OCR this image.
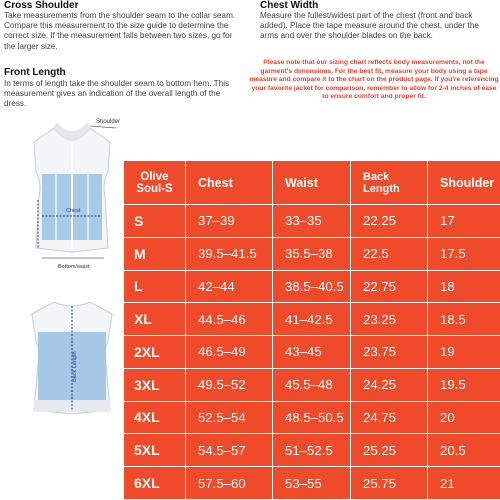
Cross Shoulder
Take measurements from the shoulder seam to the collar seam. Compare this measurement to the size guide to determine the correct size. If the measurement falls between two sizes, go for the larger size.
Front Length
In terms of length take the shoulder seam to bottom hem. This measurement gives an indication of the overall length of the dress.
Chest Width
Measure the fullest/widest part of the chest (front and back added). Place the tape measure around the chest, under the arms and over the shoulder blades on the back.
Please note that our sizing chart reflects body measurements, not the garment's dimensions. For the best fit, measure your body using a tape measure and compare it to the chart on the product page. If you're referencing your favorite jacket for comparison, remember to allow for 2-4 inches of ease to ensure comfort and proper fit.
Shoulder
Chest
Bottom/waist
Back Length
Olive
Soul-S	Chest	Waist	Back Length	Shoulder
S	37–39	33–35	22.25	17
M	39.5–41.5	35.5–38	22.5	17.5
L	42–44	38.5–40.5	22.75	18
XL	44.5–46	41–42.5	23.25	18.5
2XL	46.5–49	43–45	23.75	19
3XL	49.5–52	45.5–48	24.25	19.5
4XL	52.5–54	48.5–50.5	24.75	20
5XL	54.5–57	51–52.5	25.25	20.5
6XL	57.5–60	53–55	25.75	21
